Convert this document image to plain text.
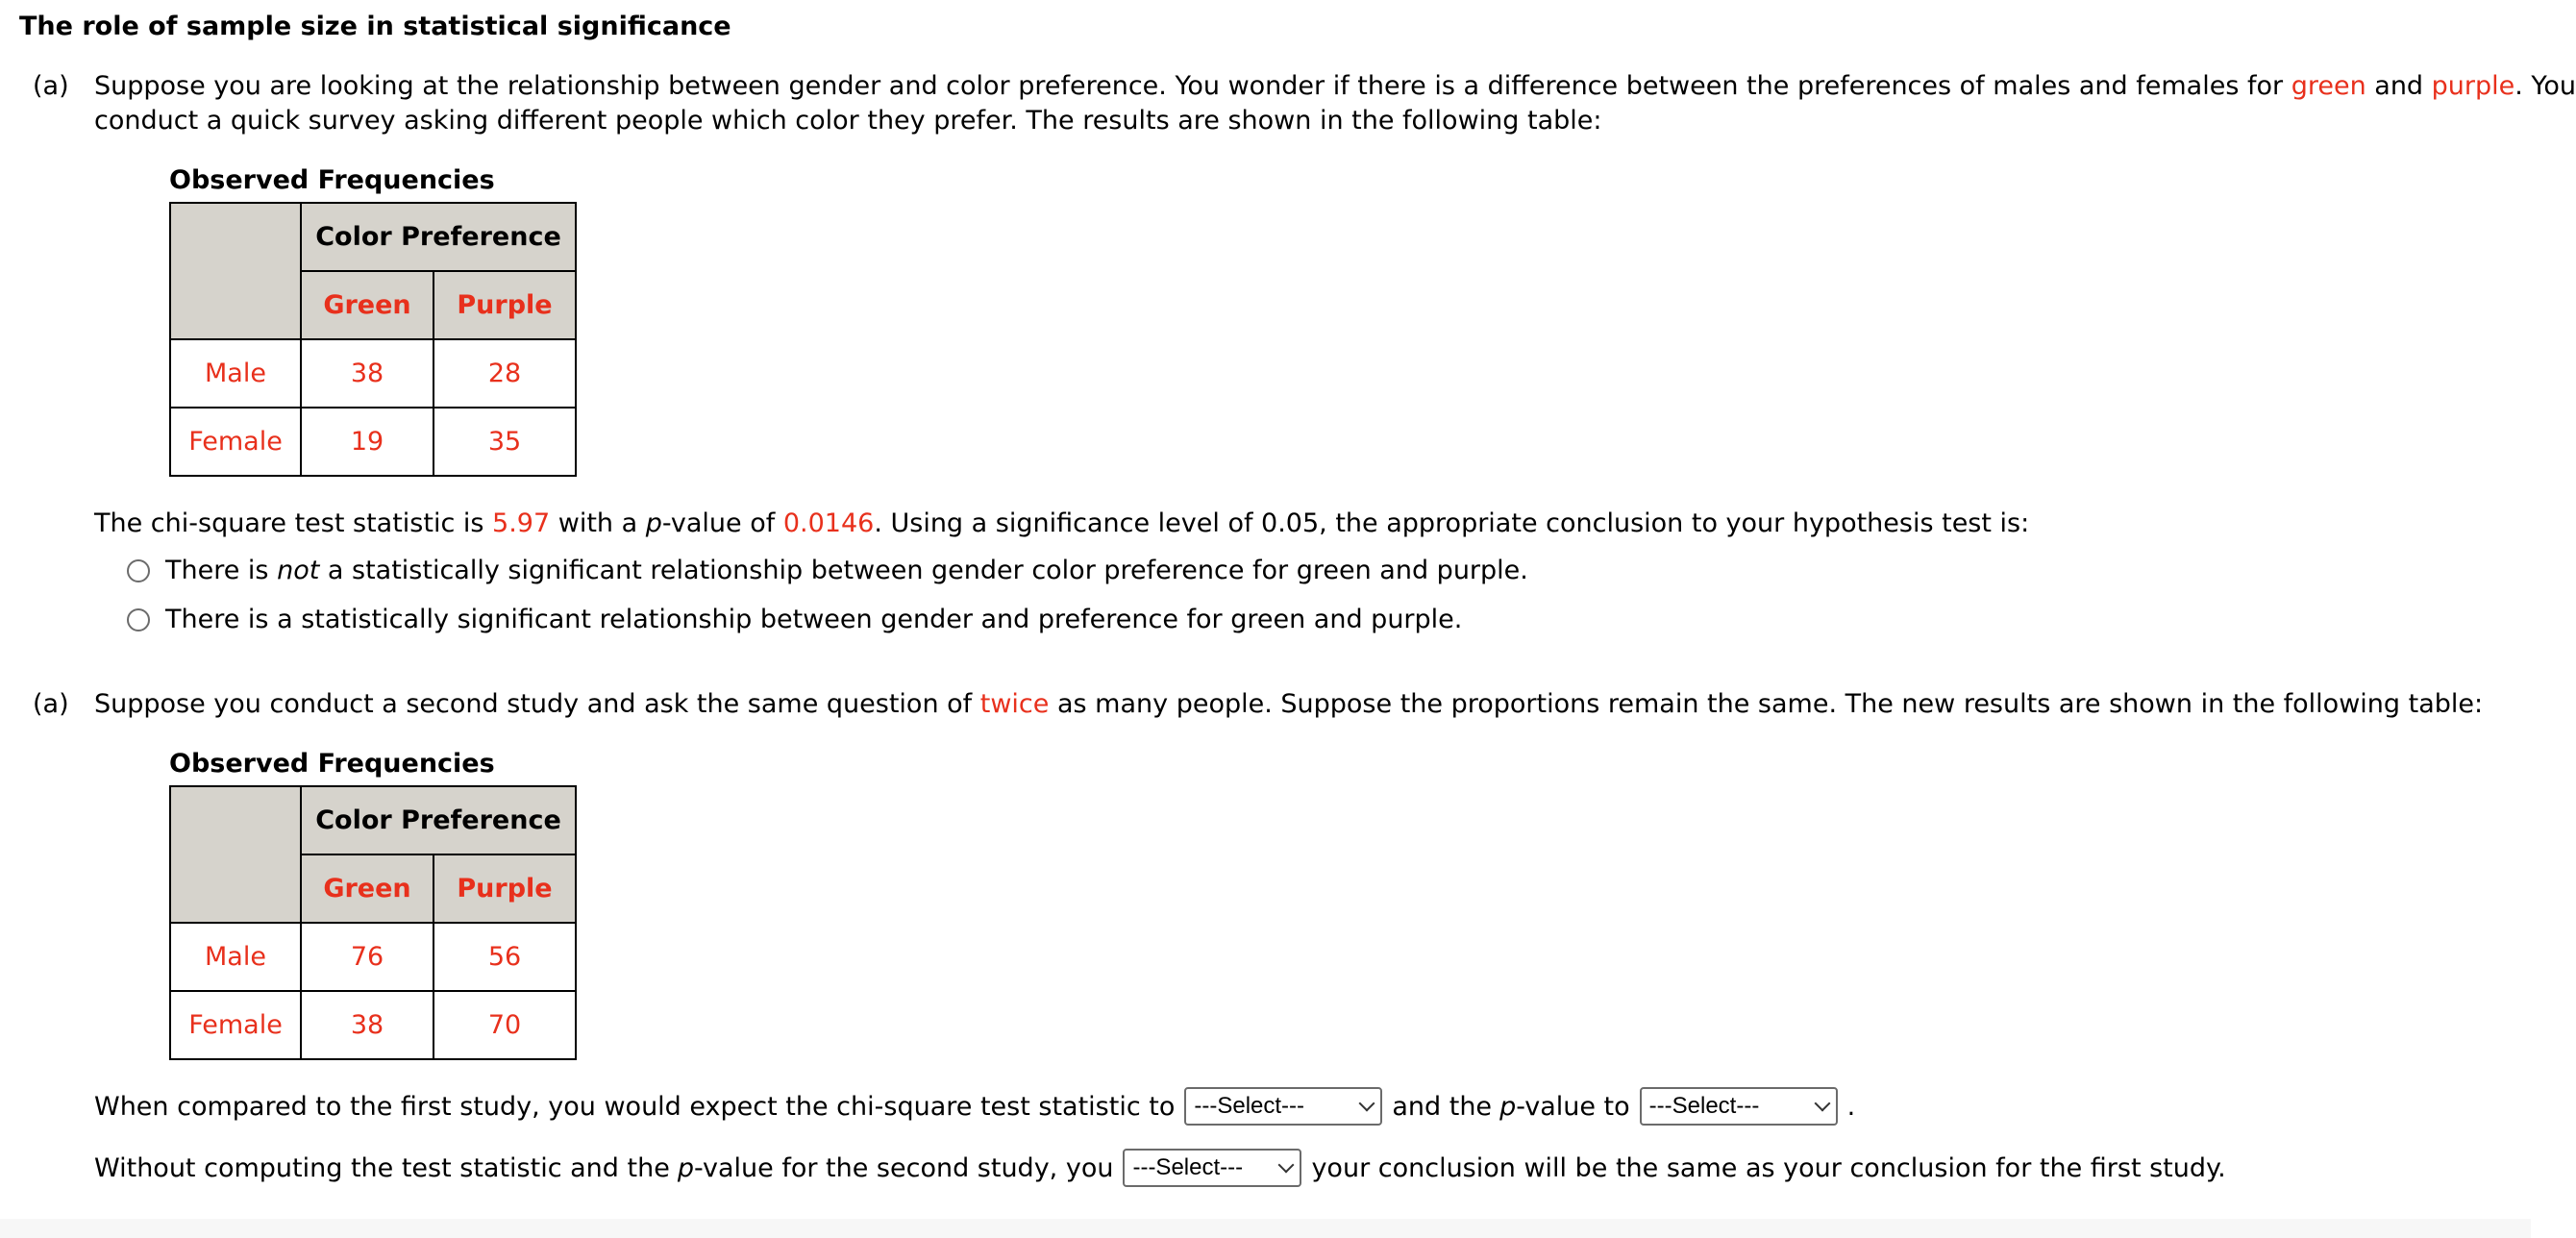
The role of sample size in statistical significance
(a) Suppose you are looking at the relationship between gender and color preference. You wonder if there is a difference between the preferences of males and females for green and purple. You
conduct a quick survey asking different people which color they prefer. The results are shown in the following table:
Observed Frequencies
	Color Preference	
	Green	Purple
Male	38	28
Female	19	35
The chi-square test statistic is 5.97 with a p-value of 0.0146. Using a significance level of 0.05, the appropriate conclusion to your hypothesis test is:
There is not a statistically significant relationship between gender color preference for green and purple.
There is a statistically significant relationship between gender and preference for green and purple.
(a) Suppose you conduct a second study and ask the same question of twice as many people. Suppose the proportions remain the same. The new results are shown in the following table:
Observed Frequencies
	Color Preference	
	Green	Purple
Male	76	56
Female	38	70
When compared to the first study, you would expect the chi-square test statistic to ---Select---	and the p -value to ---Select---	.
Without computing the test statistic and the p -value for the second study, you ---Select---	your conclusion will be the same as your conclusion for the first study.
